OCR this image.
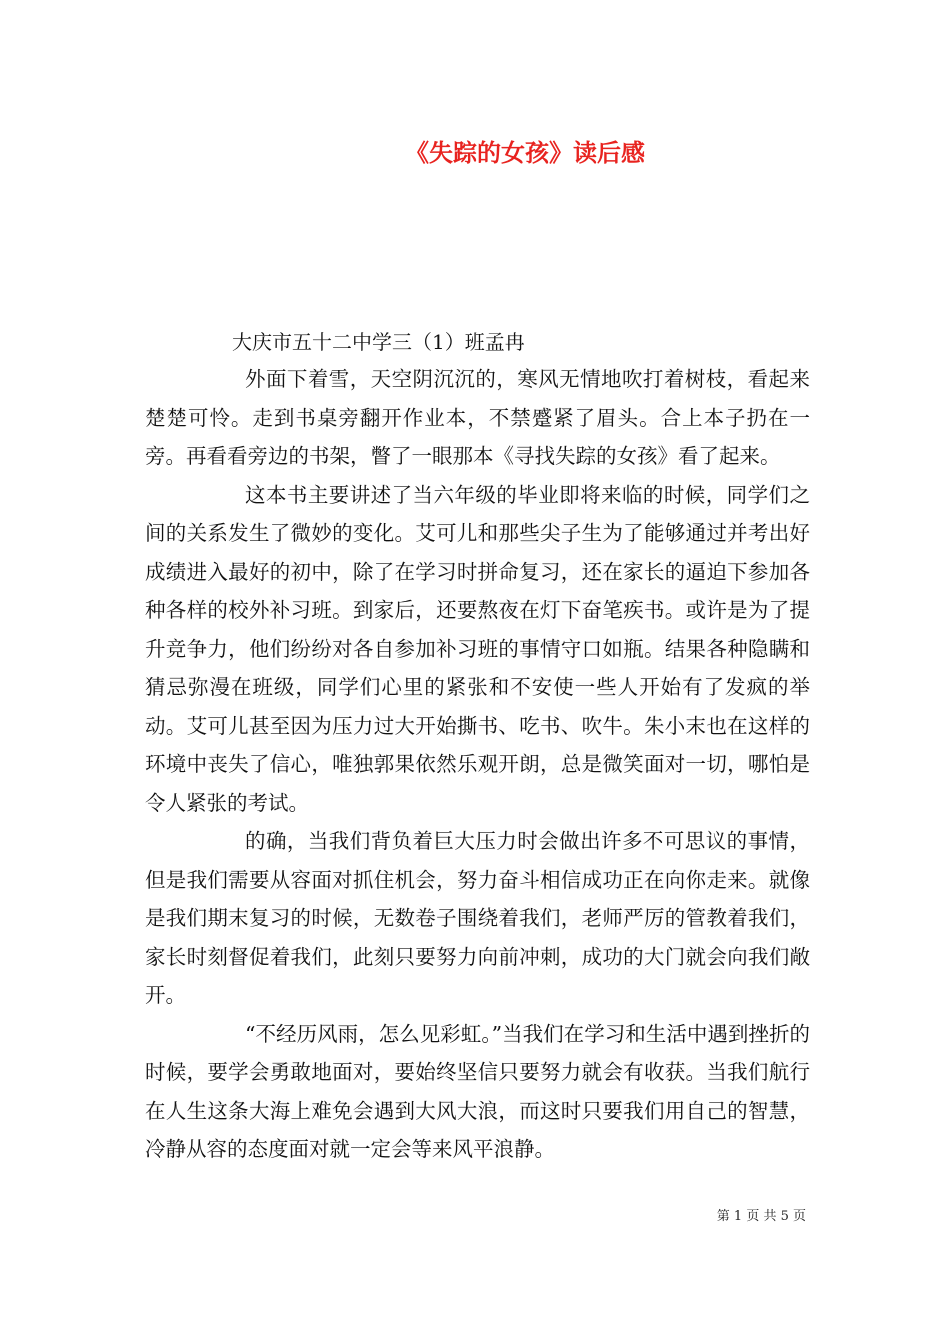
《失踪的女孩》读后感
大庆市五十二中学三（1）班孟冉

外面下着雪，天空阴沉沉的，寒风无情地吹打着树枝，看起来楚楚可怜。走到书桌旁翻开作业本，不禁蹙紧了眉头。合上本子扔在一旁。再看看旁边的书架，瞥了一眼那本《寻找失踪的女孩》看了起来。

这本书主要讲述了当六年级的毕业即将来临的时候，同学们之间的关系发生了微妙的变化。艾可儿和那些尖子生为了能够通过并考出好成绩进入最好的初中，除了在学习时拼命复习，还在家长的逼迫下参加各种各样的校外补习班。到家后，还要熬夜在灯下奋笔疾书。或许是为了提升竞争力，他们纷纷对各自参加补习班的事情守口如瓶。结果各种隐瞒和猜忌弥漫在班级，同学们心里的紧张和不安使一些人开始有了发疯的举动。艾可儿甚至因为压力过大开始撕书、吃书、吹牛。朱小末也在这样的环境中丧失了信心，唯独郭果依然乐观开朗，总是微笑面对一切，哪怕是令人紧张的考试。

的确，当我们背负着巨大压力时会做出许多不可思议的事情，但是我们需要从容面对抓住机会，努力奋斗相信成功正在向你走来。就像是我们期末复习的时候，无数卷子围绕着我们，老师严厉的管教着我们，家长时刻督促着我们，此刻只要努力向前冲刺，成功的大门就会向我们敞开。

“不经历风雨，怎么见彩虹。”当我们在学习和生活中遇到挫折的时候，要学会勇敢地面对，要始终坚信只要努力就会有收获。当我们航行在人生这条大海上难免会遇到大风大浪，而这时只要我们用自己的智慧，冷静从容的态度面对就一定会等来风平浪静。

第 1 页 共 5 页
